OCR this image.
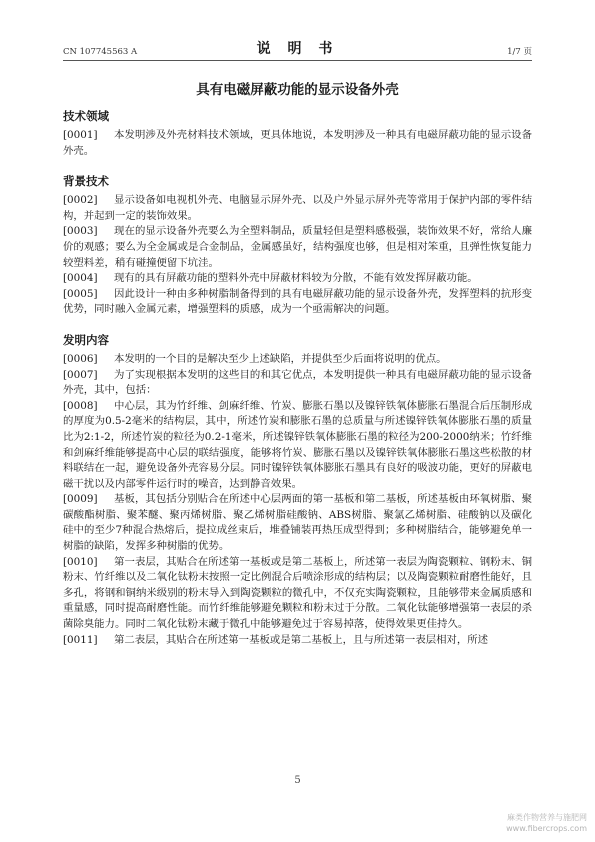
CN 107745563 A	说 明 书	1/7 页
具有电磁屏蔽功能的显示设备外壳
技术领域

[0001] 本发明涉及外壳材料技术领域，更具体地说，本发明涉及一种具有电磁屏蔽功能的显示设备外壳。

背景技术

[0002] 显示设备如电视机外壳、电脑显示屏外壳、以及户外显示屏外壳等常用于保护内部的零件结构，并起到一定的装饰效果。

[0003] 现在的显示设备外壳要么为全塑料制品，质量轻但是塑料感极强，装饰效果不好，常给人廉价的观感；要么为全金属或是合金制品，金属感虽好，结构强度也够，但是相对笨重，且弹性恢复能力较塑料差，稍有碰撞便留下坑洼。

[0004] 现有的具有屏蔽功能的塑料外壳中屏蔽材料较为分散，不能有效发挥屏蔽功能。

[0005] 因此设计一种由多种树脂制备得到的具有电磁屏蔽功能的显示设备外壳，发挥塑料的抗形变优势，同时融入金属元素，增强塑料的质感，成为一个亟需解决的问题。

发明内容

[0006] 本发明的一个目的是解决至少上述缺陷，并提供至少后面将说明的优点。

[0007] 为了实现根据本发明的这些目的和其它优点，本发明提供一种具有电磁屏蔽功能的显示设备外壳，其中，包括：

[0008] 中心层，其为竹纤维、剑麻纤维、竹炭、膨胀石墨以及镍锌铁氧体膨胀石墨混合后压制形成的厚度为0.5-2毫米的结构层，其中，所述竹炭和膨胀石墨的总质量与所述镍锌铁氧体膨胀石墨的质量比为2:1-2，所述竹炭的粒径为0.2-1毫米，所述镍锌铁氧体膨胀石墨的粒径为200-2000纳米；竹纤维和剑麻纤维能够提高中心层的联结强度，能够将竹炭、膨胀石墨以及镍锌铁氧体膨胀石墨这些松散的材料联结在一起，避免设备外壳容易分层。同时镍锌铁氧体膨胀石墨具有良好的吸波功能，更好的屏蔽电磁干扰以及内部零件运行时的噪音，达到静音效果。

[0009] 基板，其包括分别贴合在所述中心层两面的第一基板和第二基板，所述基板由环氧树脂、聚碳酸酯树脂、聚苯醚、聚丙烯树脂、聚乙烯树脂硅酸钠、ABS树脂、聚氯乙烯树脂、硅酸钠以及碳化硅中的至少7种混合热熔后，提拉成丝束后，堆叠铺装再热压成型得到；多种树脂结合，能够避免单一树脂的缺陷，发挥多种树脂的优势。

[0010] 第一表层，其贴合在所述第一基板或是第二基板上，所述第一表层为陶瓷颗粒、钢粉末、铜粉末、竹纤维以及二氧化钛粉末按照一定比例混合后喷涂形成的结构层；以及陶瓷颗粒耐磨性能好，且多孔，将钢和铜纳米级别的粉末导入到陶瓷颗粒的微孔中，不仅充实陶瓷颗粒，且能够带来金属质感和重量感，同时提高耐磨性能。而竹纤维能够避免颗粒和粉末过于分散。二氧化钛能够增强第一表层的杀菌除臭能力。同时二氧化钛粉末藏于微孔中能够避免过于容易掉落，使得效果更佳持久。

[0011] 第二表层，其贴合在所述第一基板或是第二基板上，且与所述第一表层相对，所述

5
麻类作物营养与施肥网
www.fibercrops.com
